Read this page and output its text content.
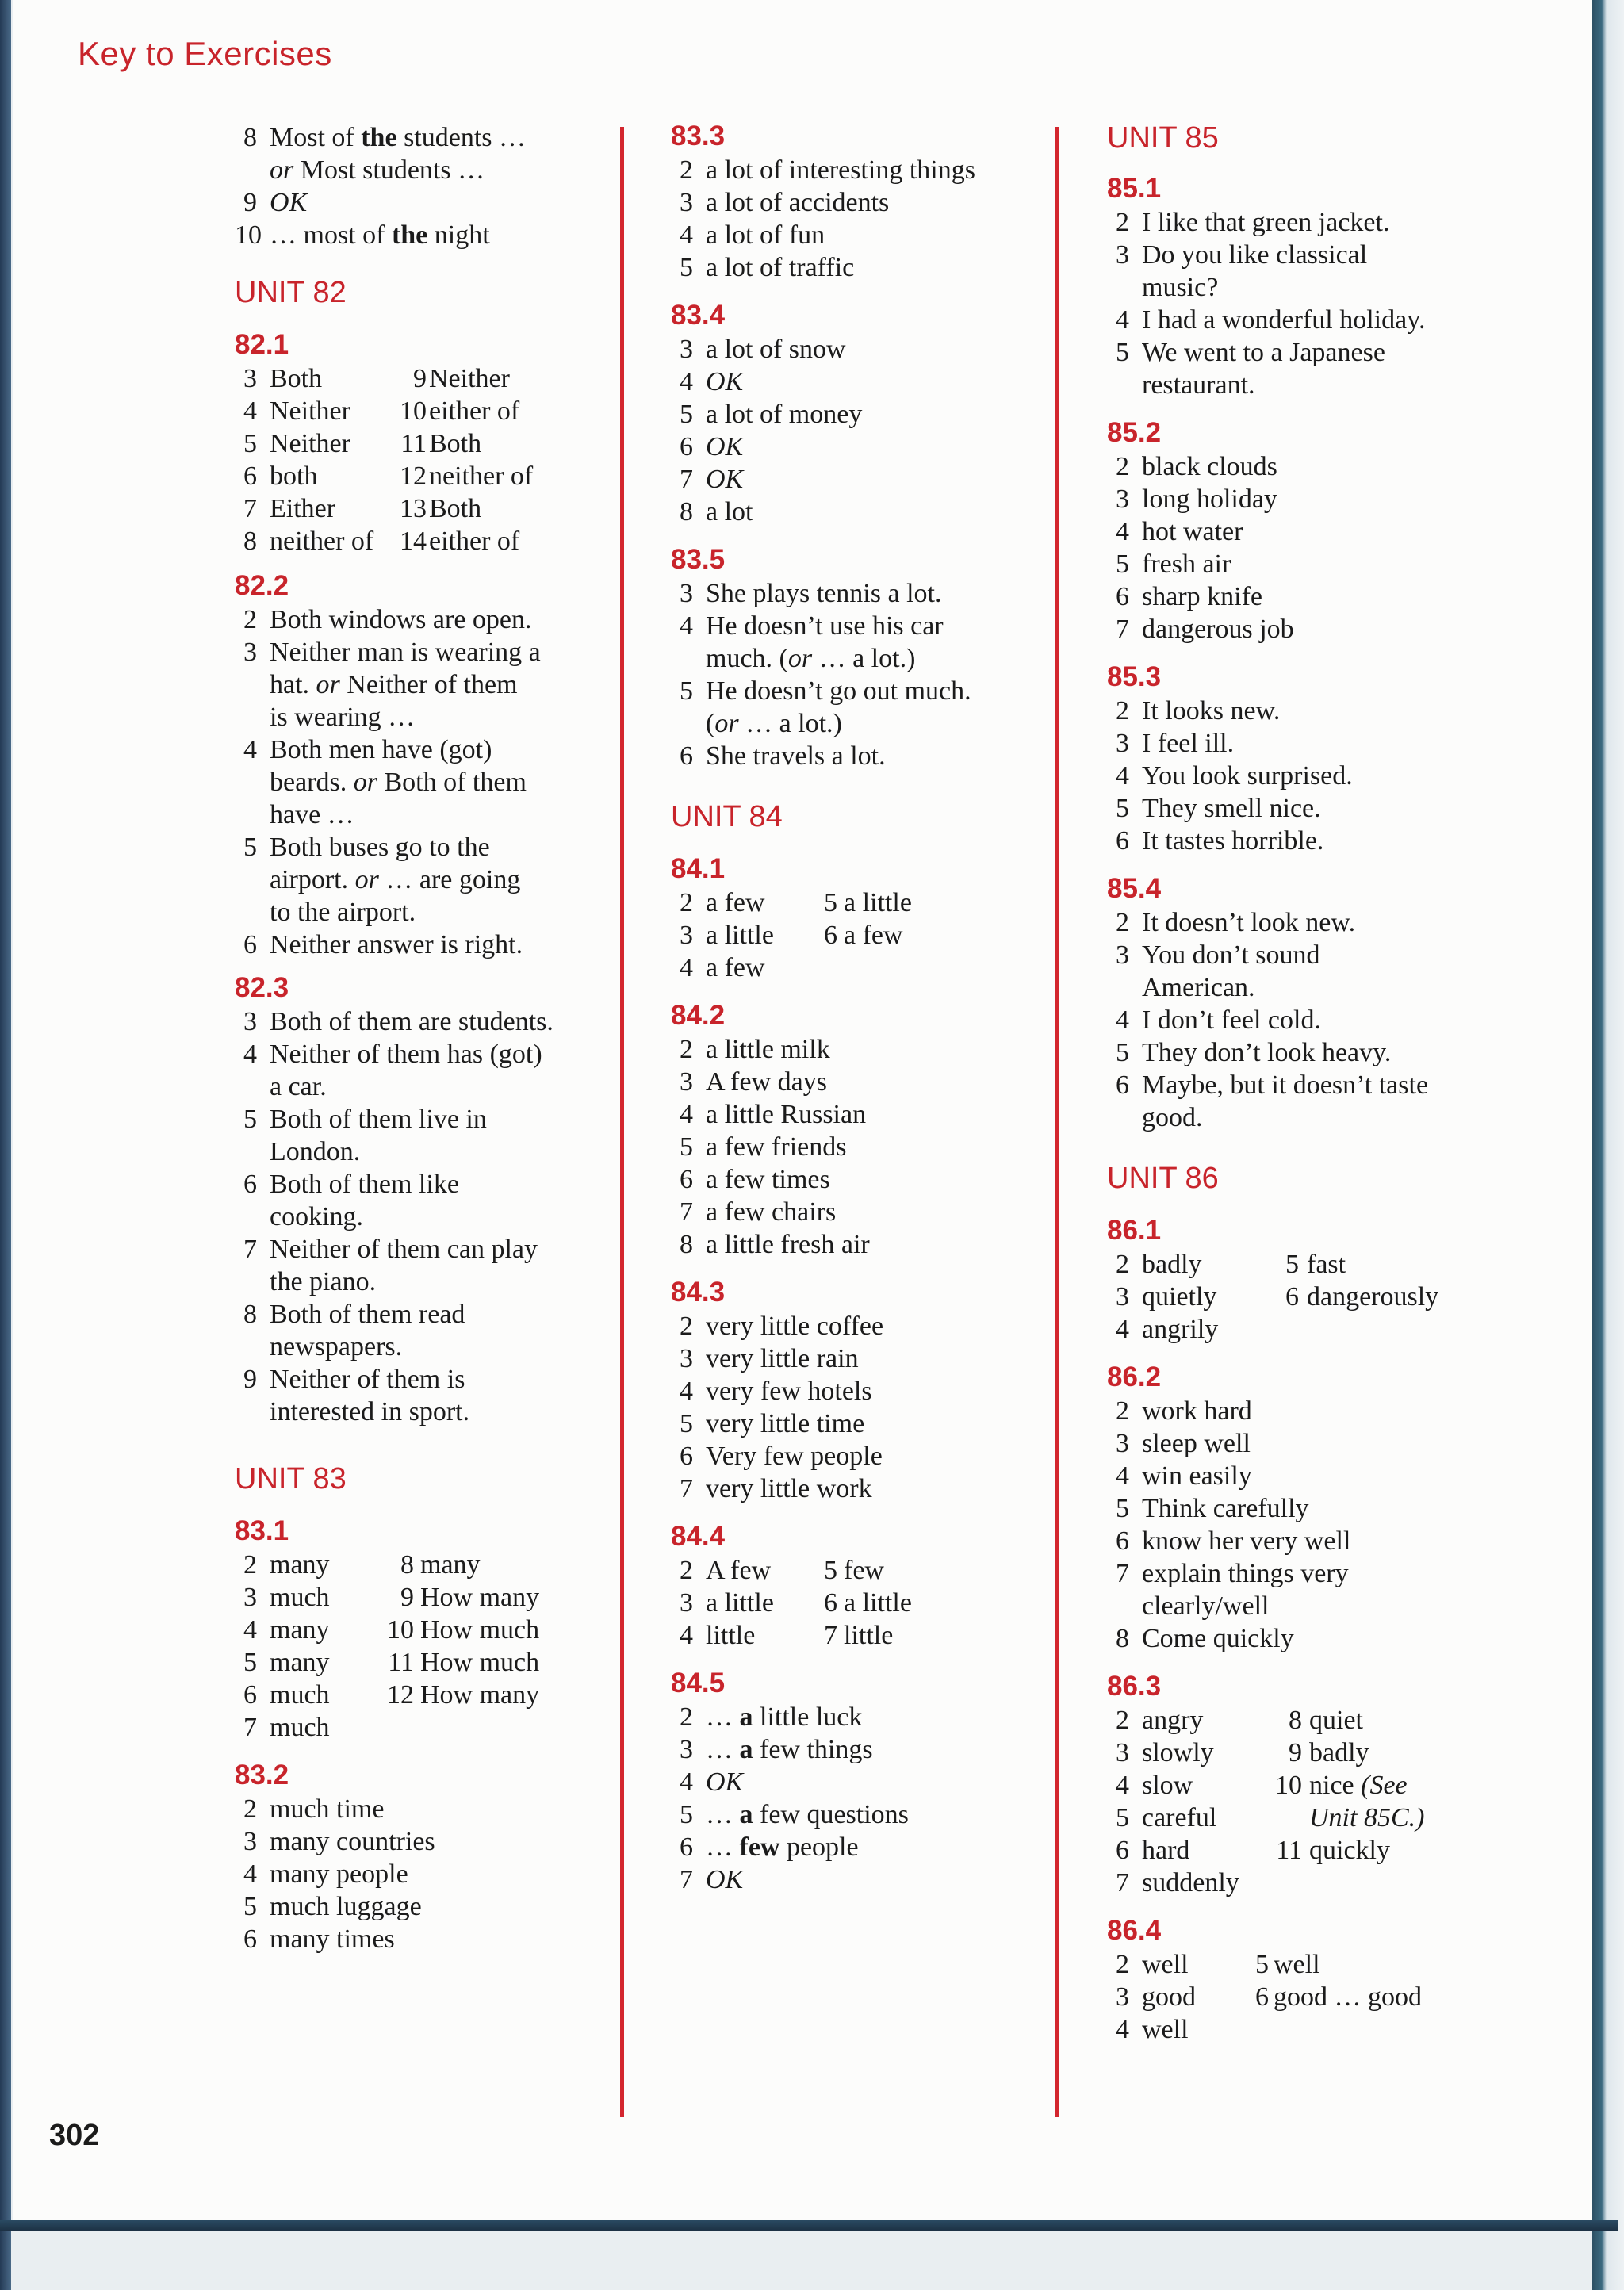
Key to Exercises
302
8 Most of the students …
or Most students …
9 OK
10 … most of the night
UNIT 82
82.1
3 Both	9 Neither
4 Neither	10 either of
5 Neither	11 Both
6 both	12 neither of
7 Either	13 Both
8 neither of 14 either of
82.2
2 Both windows are open.
3 Neither man is wearing a
hat. or Neither of them
is wearing …
4 Both men have (got)
beards. or Both of them
have …
5 Both buses go to the
airport. or … are going
to the airport.
6 Neither answer is right.
82.3
3 Both of them are students.
4 Neither of them has (got)
a car.
5 Both of them live in
London.
6 Both of them like
cooking.
7 Neither of them can play
the piano.
8 Both of them read
newspapers.
9 Neither of them is
interested in sport.
UNIT 83
83.1
2 many	8 many
3 much	9 How many
4 many	10 How much
5 many	11 How much
6 much	12 How many
7 much
83.2
2 much time
3 many countries
4 many people
5 much luggage
6 many times
83.3
2 a lot of interesting things
3 a lot of accidents
4 a lot of fun
5 a lot of traffic
83.4
3 a lot of snow
4 OK
5 a lot of money
6 OK
7 OK
8 a lot
83.5
3 She plays tennis a lot.
4 He doesn’t use his car
much. (or … a lot.)
5 He doesn’t go out much.
(or … a lot.)
6 She travels a lot.
UNIT 84
84.1
2 a few	5 a little
3 a little	6 a few
4 a few
84.2
2 a little milk
3 A few days
4 a little Russian
5 a few friends
6 a few times
7 a few chairs
8 a little fresh air
84.3
2 very little coffee
3 very little rain
4 very few hotels
5 very little time
6 Very few people
7 very little work
84.4
2 A few	5 few
3 a little	6 a little
4 little	7 little
84.5
2 … a little luck
3 … a few things
4 OK
5 … a few questions
6 … few people
7 OK
UNIT 85
85.1
2 I like that green jacket.
3 Do you like classical
music?
4 I had a wonderful holiday.
5 We went to a Japanese
restaurant.
85.2
2 black clouds
3 long holiday
4 hot water
5 fresh air
6 sharp knife
7 dangerous job
85.3
2 It looks new.
3 I feel ill.
4 You look surprised.
5 They smell nice.
6 It tastes horrible.
85.4
2 It doesn’t look new.
3 You don’t sound
American.
4 I don’t feel cold.
5 They don’t look heavy.
6 Maybe, but it doesn’t taste
good.
UNIT 86
86.1
2 badly	5 fast
3 quietly	6 dangerously
4 angrily
86.2
2 work hard
3 sleep well
4 win easily
5 Think carefully
6 know her very well
7 explain things very
clearly/well
8 Come quickly
86.3
2 angry	8 quiet
3 slowly	9 badly
4 slow	10 nice (See
5 careful	Unit 85C.)
6 hard	11 quickly
7 suddenly
86.4
2 well	5 well
3 good	6 good … good
4 well
